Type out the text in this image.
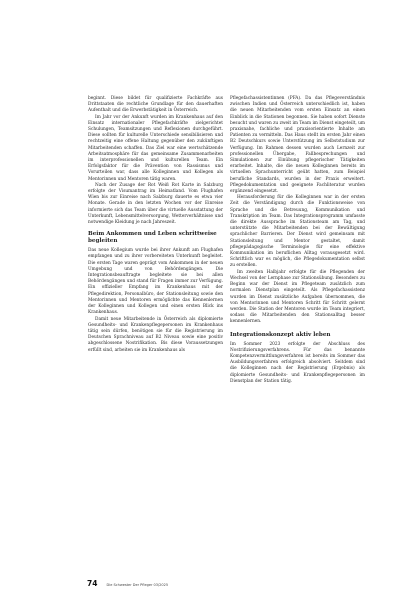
beginnt. Diese bildet für qualifizierte Fachkräfte aus Drittstaaten die rechtliche Grundlage für den dauerhaften Aufenthalt und die Erwerbstätigkeit in Österreich.

Im Jahr vor der Ankunft wurden im Krankenhaus auf den Einsatz internationaler Pflegefachkräfte zielgerichtet Schulungen, Teamsitzungen und Reflexionen durchgeführt. Diese sollten für kulturelle Unterschiede sensibilisieren und rechtzeitig eine offene Haltung gegenüber den zukünftigen Mitarbeitenden schaffen. Das Ziel war eine wertschätzende Arbeitsatmosphäre für das gemeinsame Zusammenarbeiten im interprofessionellen und kulturellen Team. Ein Erfolgsfaktor für die Prävention von Rassismus und Vorurteilen war, dass alle Kolleginnen und Kollegen als Mentorinnen und Mentoren tätig waren.

Nach der Zusage der Rot Weiß Rot Karte in Salzburg erfolgte der Visumantrag im Heimatland. Vom Flughafen Wien bis zur Einreise nach Salzburg dauerte es etwa vier Monate. Gerade in den letzten Wochen vor der Einreise informierte sich das Team über die virtuelle Ausstattung der Unterkunft, Lebensmittelversorgung, Wetterverhältnisse und notwendige Kleidung je nach Jahreszeit.

Beim Ankommen und Leben schrittweise begleiten

Das neue Kollegium wurde bei ihrer Ankunft am Flughafen empfangen und zu ihrer vorbereiteten Unterkunft begleitet. Die ersten Tage waren geprägt vom Ankommen in der neuen Umgebung und von Behördengängen. Die Integrationsbeauftragte begleitete sie bei allen Behördengängen und stand für Fragen immer zur Verfügung. Ein offizieller Empfang im Krankenhaus mit der Pflegedirektion, Personalbüro, der Stationsleitung sowie den Mentorinnen und Mentoren ermöglichte das Kennenlernen der Kolleginnen und Kollegen und einen ersten Blick ins Krankenhaus.

Damit neue Mitarbeitende in Österreich als diplomierte Gesundheits- und Krankenpflegepersonen im Krankenhaus tätig sein dürfen, benötigen sie für die Registrierung im Deutschen Sprachniveau auf B2 Niveau sowie eine positiv abgeschlossene Nostrifikation. Bis diese Voraussetzungen erfüllt sind, arbeiten sie im Krankenhaus als

Pflegefachassistentinnen (PFA). Da das Pflegeverständnis zwischen Indien und Österreich unterschiedlich ist, haben die neuen Mitarbeitenden vom ersten Einsatz an einen Einblick in die Stationen begonnen. Sie haben sofort Dienste besucht und waren zu zweit im Team im Dienst eingeteilt, um praxisnahe, fachliche und praxisorientierte Inhalte am Patienten zu vermitteln. Das Haus stellt im ersten Jahr einen B2 Deutschkurs sowie Unterstützung im Selbststudium zur Verfügung. Im Rahmen dessen wurden auch Lernzeit zur professionellen Übergabe, Fallbesprechungen und Simulationen zur Einübung pflegerischer Tätigkeiten erarbeitet. Inhalte, die die neuen Kolleginnen bereits im virtuellen Sprachunterricht geübt hatten, zum Beispiel berufliche Standards, wurden in der Praxis erweitert. Pflegedokumentation und geeignete Fachliteratur wurden ergänzend eingesetzt.

Herausforderung für die Kolleginnen war in der ersten Zeit die Verständigung durch die Funktionsweise von Sprache und die Betreuung, Kommunikation und Transkription im Team. Das Integrationsprogramm umfasste die direkte Aussprache im Stationsteam am Tag, und unterstützte die Mitarbeitenden bei der Bewältigung sprachlicher Barrieren. Der Dienst wird gemeinsam mit Stationsleitung und Mentor gestaltet, damit pflegepädagogische Terminologie für eine effektive Kommunikation im beruflichen Alltag vorausgesetzt wird. Schriftlich war es möglich, die Pflegedokumentation selbst zu erstellen.

Im zweiten Halbjahr erfolgte für die Pflegenden der Wechsel von der Lernphase zur Stationsübung. Besonders zu Beginn war der Dienst im Pflegeteam zusätzlich zum normalen Dienstplan eingeteilt. Als Pflegefachassistenz wurden im Dienst zusätzliche Aufgaben übernommen, die von Mentorinnen und Mentoren Schritt für Schritt gelernt werden. Die Station der Mentoren wurde im Team integriert, sodass die Mitarbeitenden den Stationsalltag besser kennenlernen.

Integrationskonzept aktiv leben

Im Sommer 2023 erfolgte der Abschluss des Nostrifizierungsverfahrens. Für das benannte Kompetenzvermittlungsverfahren ist bereits im Sommer das Ausbildungsverfahren erfolgreich absolviert. Seitdem sind die Kolleginnen nach der Registrierung (Ergebnis) als diplomierte Gesundheits- und Krankenpflegepersonen im Dienstplan der Station tätig.

74	Die Schwester Der Pfleger 03/2025
